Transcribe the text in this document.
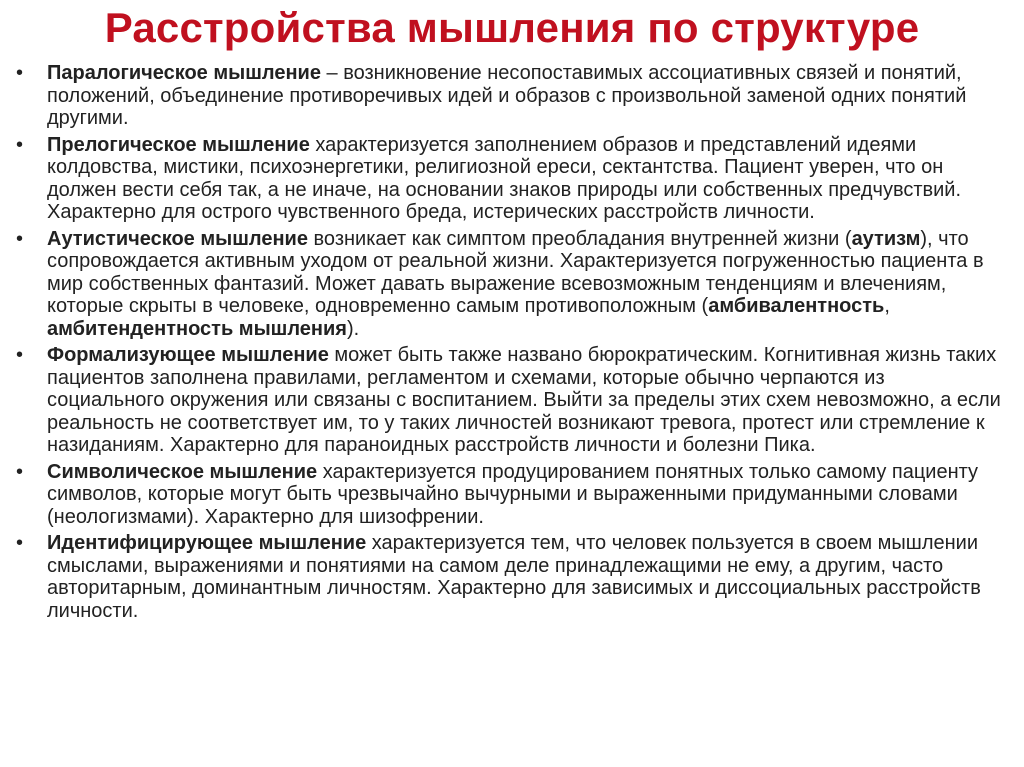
Расстройства мышления по структуре
• Паралогическое мышление – возникновение несопоставимых ассоциативных связей и понятий, положений, объединение противоречивых идей и образов с произвольной заменой одних понятий другими.
• Прелогическое мышление характеризуется заполнением образов и представлений идеями колдовства, мистики, психоэнергетики, религиозной ереси, сектантства. Пациент уверен, что он должен вести себя так, а не иначе, на основании знаков природы или собственных предчувствий. Характерно для острого чувственного бреда, истерических расстройств личности.
• Аутистическое мышление возникает как симптом преобладания внутренней жизни (аутизм), что сопровождается активным уходом от реальной жизни. Характеризуется погруженностью пациента в мир собственных фантазий. Может давать выражение всевозможным тенденциям и влечениям, которые скрыты в человеке, одновременно самым противоположным (амбивалентность, амбитендентность мышления).
• Формализующее мышление может быть также названо бюрократическим. Когнитивная жизнь таких пациентов заполнена правилами, регламентом и схемами, которые обычно черпаются из социального окружения или связаны с воспитанием. Выйти за пределы этих схем невозможно, а если реальность не соответствует им, то у таких личностей возникают тревога, протест или стремление к назиданиям. Характерно для параноидных расстройств личности и болезни Пика.
• Символическое мышление характеризуется продуцированием понятных только самому пациенту символов, которые могут быть чрезвычайно вычурными и выраженными придуманными словами (неологизмами). Характерно для шизофрении.
• Идентифицирующее мышление характеризуется тем, что человек пользуется в своем мышлении смыслами, выражениями и понятиями на самом деле принадлежащими не ему, а другим, часто авторитарным, доминантным личностям. Характерно для зависимых и диссоциальных расстройств личности.
